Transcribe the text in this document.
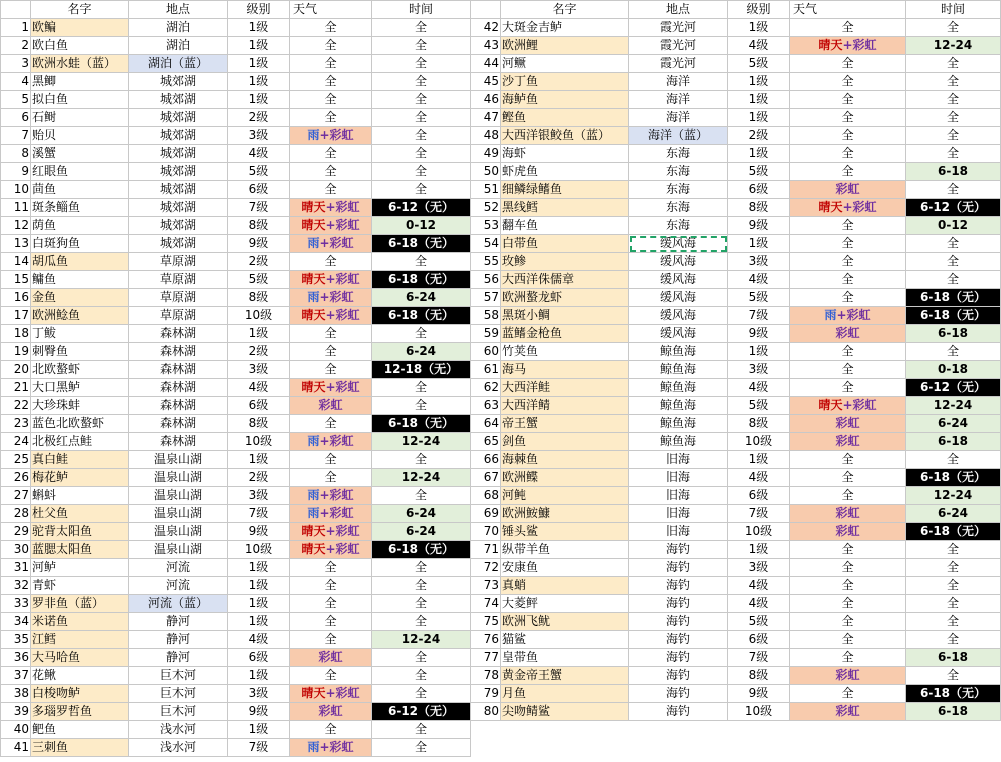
	名字	地点	级别	天气	时间
1	欧鳊	湖泊	1级	全	全
2	欧白鱼	湖泊	1级	全	全
3	欧洲水蛙（蓝）	湖泊（蓝）	1级	全	全
4	黑鲫	城郊湖	1级	全	全
5	拟白鱼	城郊湖	1级	全	全
6	石鲥	城郊湖	2级	全	全
7	贻贝	城郊湖	3级	雨+彩虹	全
8	溪蟹	城郊湖	4级	全	全
9	红眼鱼	城郊湖	5级	全	全
10	茴鱼	城郊湖	6级	全	全
11	斑条鲻鱼	城郊湖	7级	晴天+彩虹	6-12（无）
12	荫鱼	城郊湖	8级	晴天+彩虹	0-12
13	白斑狗鱼	城郊湖	9级	雨+彩虹	6-18（无）
14	胡瓜鱼	草原湖	2级	全	全
15	鳙鱼	草原湖	5级	晴天+彩虹	6-18（无）
16	金鱼	草原湖	8级	雨+彩虹	6-24
17	欧洲鲶鱼	草原湖	10级	晴天+彩虹	6-18（无）
18	丁鲅	森林湖	1级	全	全
19	刺臀鱼	森林湖	2级	全	6-24
20	北欧螯虾	森林湖	3级	全	12-18（无）
21	大口黑鲈	森林湖	4级	晴天+彩虹	全
22	大珍珠蚌	森林湖	6级	彩虹	全
23	蓝色北欧螯虾	森林湖	8级	全	6-18（无）
24	北极红点鲑	森林湖	10级	雨+彩虹	12-24
25	真白鲑	温泉山湖	1级	全	全
26	梅花鲈	温泉山湖	2级	全	12-24
27	蝌蚪	温泉山湖	3级	雨+彩虹	全
28	杜父鱼	温泉山湖	7级	雨+彩虹	6-24
29	驼背太阳鱼	温泉山湖	9级	晴天+彩虹	6-24
30	蓝腮太阳鱼	温泉山湖	10级	晴天+彩虹	6-18（无）
31	河鲈	河流	1级	全	全
32	青虾	河流	1级	全	全
33	罗非鱼（蓝）	河流（蓝）	1级	全	全
34	米诺鱼	静河	1级	全	全
35	江鳕	静河	4级	全	12-24
36	大马哈鱼	静河	6级	彩虹	全
37	花鳅	巨木河	1级	全	全
38	白梭吻鲈	巨木河	3级	晴天+彩虹	全
39	多瑙罗哲鱼	巨木河	9级	彩虹	6-12（无）
40	鲃鱼	浅水河	1级	全	全
41	三刺鱼	浅水河	7级	雨+彩虹	全
	名字	地点	级别	天气	时间
42	大斑金吉鲈	霞光河	1级	全	全
43	欧洲鲤	霞光河	4级	晴天+彩虹	12-24
44	河鳜	霞光河	5级	全	全
45	沙丁鱼	海洋	1级	全	全
46	海鲈鱼	海洋	1级	全	全
47	鲣鱼	海洋	1级	全	全
48	大西洋银鲛鱼（蓝）	海洋（蓝）	2级	全	全
49	海虾	东海	1级	全	全
50	虾虎鱼	东海	5级	全	6-18
51	细鳞绿鳍鱼	东海	6级	彩虹	全
52	黑线鳕	东海	8级	晴天+彩虹	6-12（无）
53	翻车鱼	东海	9级	全	0-12
54	白带鱼	缓风海	1级	全	全
55	玫鲹	缓风海	3级	全	全
56	大西洋侏儒章	缓风海	4级	全	全
57	欧洲螯龙虾	缓风海	5级	全	6-18（无）
58	黑斑小鲷	缓风海	7级	雨+彩虹	6-18（无）
59	蓝鳍金枪鱼	缓风海	9级	彩虹	6-18
60	竹荚鱼	鲸鱼海	1级	全	全
61	海马	鲸鱼海	3级	全	0-18
62	大西洋鲑	鲸鱼海	4级	全	6-12（无）
63	大西洋鲭	鲸鱼海	5级	晴天+彩虹	12-24
64	帝王蟹	鲸鱼海	8级	彩虹	6-24
65	剑鱼	鲸鱼海	10级	彩虹	6-18
66	海棘鱼	旧海	1级	全	全
67	欧洲鲽	旧海	4级	全	6-18（无）
68	河鲀	旧海	6级	全	12-24
69	欧洲鮟鱇	旧海	7级	彩虹	6-24
70	锤头鲨	旧海	10级	彩虹	6-18（无）
71	纵带羊鱼	海钓	1级	全	全
72	安康鱼	海钓	3级	全	全
73	真蛸	海钓	4级	全	全
74	大菱鲆	海钓	4级	全	全
75	欧洲飞鱿	海钓	5级	全	全
76	猫鲨	海钓	6级	全	全
77	皇带鱼	海钓	7级	全	6-18
78	黄金帝王蟹	海钓	8级	彩虹	全
79	月鱼	海钓	9级	全	6-18（无）
80	尖吻鲭鲨	海钓	10级	彩虹	6-18
